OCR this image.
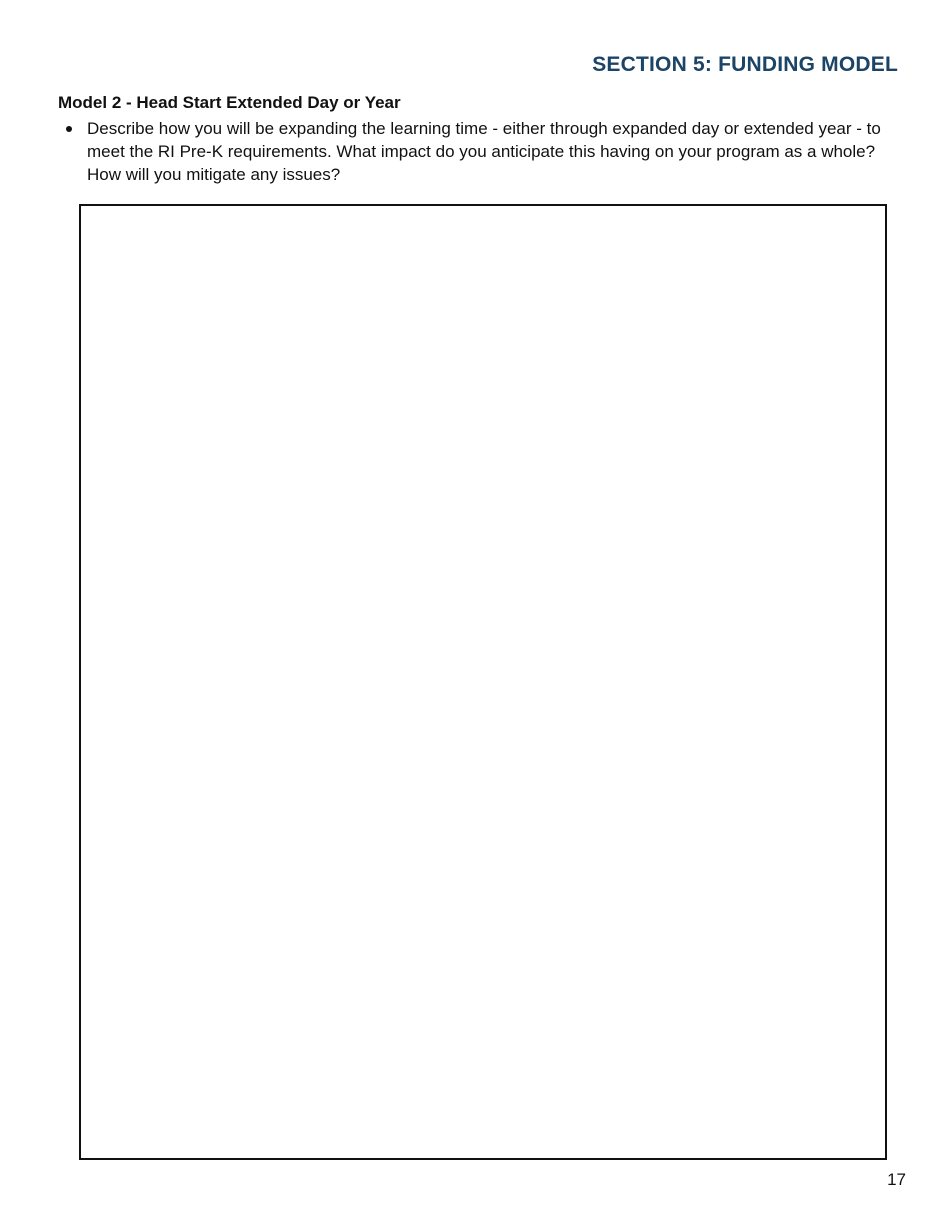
SECTION 5: FUNDING MODEL
Model 2 - Head Start Extended Day or Year
Describe how you will be expanding the learning time - either through expanded day or extended year - to meet the RI Pre-K requirements. What impact do you anticipate this having on your program as a whole? How will you mitigate any issues?
17
